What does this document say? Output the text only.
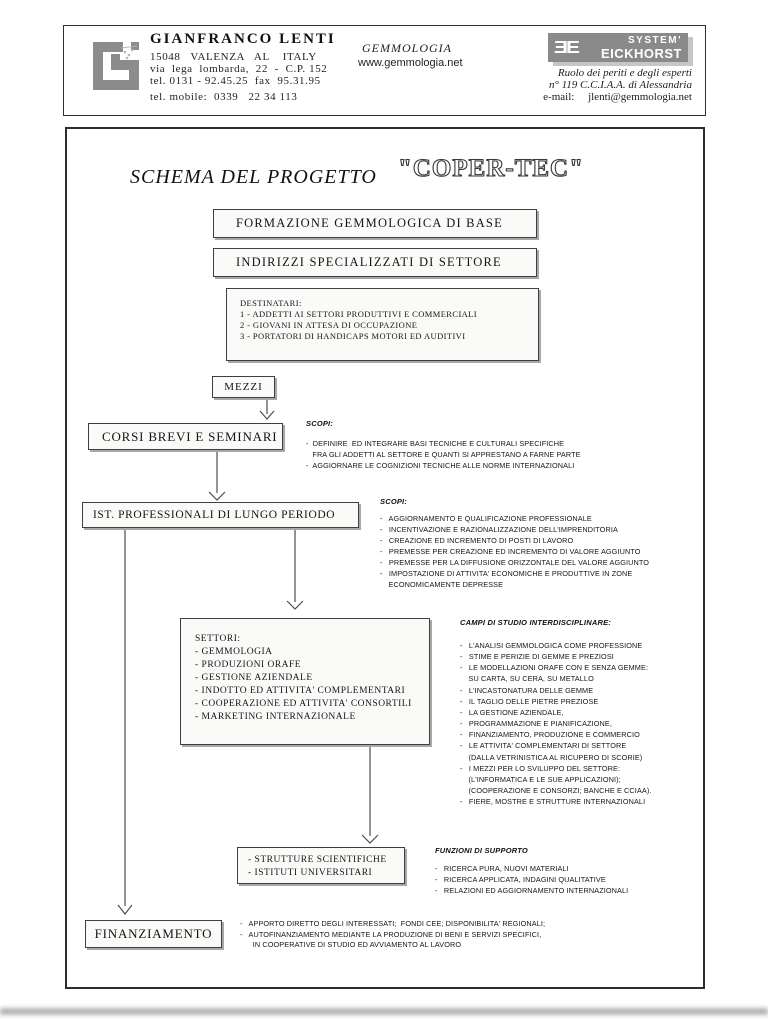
GIANFRANCO LENTI
15048   VALENZA   AL    ITALY
via  lega  lombarda,  22  -  C.P. 152
tel. 0131 - 92.45.25  fax  95.31.95
tel. mobile:  0339   22 34 113
GEMMOLOGIA
www.gemmologia.net
ƎE	SYSTEM'
EICKHORST
Ruolo dei periti e degli esperti
n° 119 C.C.I.A.A. di Alessandria
e-mail:     jlenti@gemmologia.net
SCHEMA DEL PROGETTO "COPER-TEC"
FORMAZIONE GEMMOLOGICA DI BASE
INDIRIZZI SPECIALIZZATI DI SETTORE
DESTINATARI:
1 - ADDETTI AI SETTORI PRODUTTIVI E COMMERCIALI
2 - GIOVANI IN ATTESA DI OCCUPAZIONE
3 - PORTATORI DI HANDICAPS MOTORI ED AUDITIVI
MEZZI
CORSI BREVI E SEMINARI
IST. PROFESSIONALI DI LUNGO PERIODO
SETTORI:
- GEMMOLOGIA
- PRODUZIONI ORAFE
- GESTIONE AZIENDALE
- INDOTTO ED ATTIVITA' COMPLEMENTARI
- COOPERAZIONE ED ATTIVITA' CONSORTILI
- MARKETING INTERNAZIONALE
- STRUTTURE SCIENTIFICHE
- ISTITUTI UNIVERSITARI
FINANZIAMENTO
SCOPI:
-  DEFINIRE  ED INTEGRARE BASI TECNICHE E CULTURALI SPECIFICHE
FRA GLI ADDETTI AL SETTORE E QUANTI SI APPRESTANO A FARNE PARTE
-  AGGIORNARE LE COGNIZIONI TECNICHE ALLE NORME INTERNAZIONALI
SCOPI:
-   AGGIORNAMENTO E QUALIFICAZIONE PROFESSIONALE
-   INCENTIVAZIONE E RAZIONALIZZAZIONE DELL'IMPRENDITORIA
-   CREAZIONE ED INCREMENTO DI POSTI DI LAVORO
-   PREMESSE PER CREAZIONE ED INCREMENTO DI VALORE AGGIUNTO
-   PREMESSE PER LA DIFFUSIONE ORIZZONTALE DEL VALORE AGGIUNTO
-   IMPOSTAZIONE DI ATTIVITA' ECONOMICHE E PRODUTTIVE IN ZONE
ECONOMICAMENTE DEPRESSE
CAMPI DI STUDIO INTERDISCIPLINARE:
-   L'ANALISI GEMMOLOGICA COME PROFESSIONE
-   STIME E PERIZIE DI GEMME E PREZIOSI
-   LE MODELLAZIONI ORAFE CON E SENZA GEMME:
SU CARTA, SU CERA, SU METALLO
-   L'INCASTONATURA DELLE GEMME
-   IL TAGLIO DELLE PIETRE PREZIOSE
-   LA GESTIONE AZIENDALE,
-   PROGRAMMAZIONE E PIANIFICAZIONE,
-   FINANZIAMENTO, PRODUZIONE E COMMERCIO
-   LE ATTIVITA' COMPLEMENTARI DI SETTORE
(DALLA VETRINISTICA AL RICUPERO DI SCORIE)
-   I MEZZI PER LO SVILUPPO DEL SETTORE:
(L'INFORMATICA E LE SUE APPLICAZIONI);
(COOPERAZIONE E CONSORZI; BANCHE E CCIAA).
-   FIERE, MOSTRE E STRUTTURE INTERNAZIONALI
FUNZIONI DI SUPPORTO
-   RICERCA PURA, NUOVI MATERIALI
-   RICERCA APPLICATA, INDAGINI QUALITATIVE
-   RELAZIONI ED AGGIORNAMENTO INTERNAZIONALI
-   APPORTO DIRETTO DEGLI INTERESSATI;  FONDI CEE; DISPONIBILITA' REGIONALI;
-   AUTOFINANZIAMENTO MEDIANTE LA PRODUZIONE DI BENI E SERVIZI SPECIFICI,
IN COOPERATIVE DI STUDIO ED AVVIAMENTO AL LAVORO
